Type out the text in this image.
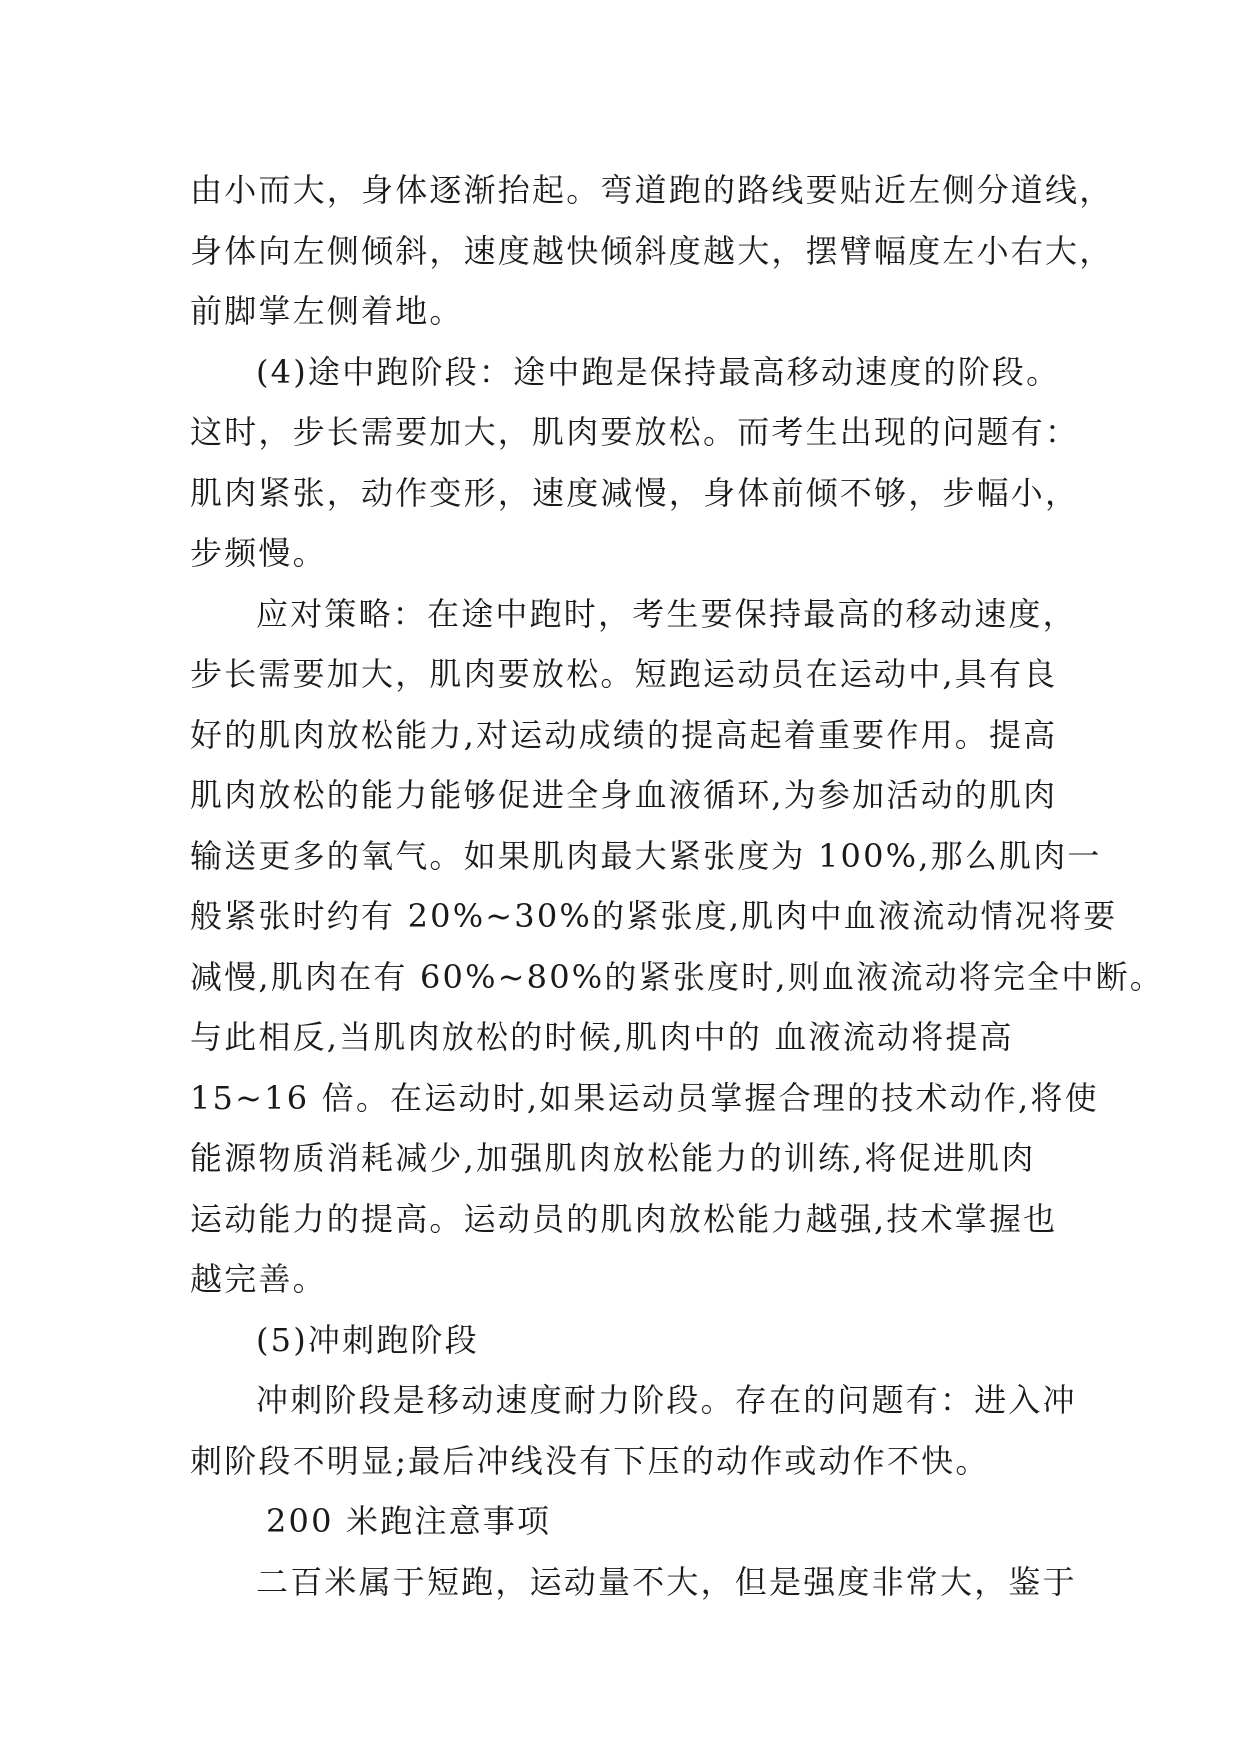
由小而大，身体逐渐抬起。弯道跑的路线要贴近左侧分道线，
身体向左侧倾斜，速度越快倾斜度越大，摆臂幅度左小右大，
前脚掌左侧着地。
(4)途中跑阶段：途中跑是保持最高移动速度的阶段。
这时，步长需要加大，肌肉要放松。而考生出现的问题有：
肌肉紧张，动作变形，速度减慢，身体前倾不够，步幅小，
步频慢。
应对策略：在途中跑时，考生要保持最高的移动速度，
步长需要加大，肌肉要放松。短跑运动员在运动中,具有良
好的肌肉放松能力,对运动成绩的提高起着重要作用。提高
肌肉放松的能力能够促进全身血液循环,为参加活动的肌肉
输送更多的氧气。如果肌肉最大紧张度为 100%,那么肌肉一
般紧张时约有 20%~30%的紧张度,肌肉中血液流动情况将要
减慢,肌肉在有 60%~80%的紧张度时,则血液流动将完全中断。
与此相反,当肌肉放松的时候,肌肉中的 血液流动将提高
15~16 倍。在运动时,如果运动员掌握合理的技术动作,将使
能源物质消耗减少,加强肌肉放松能力的训练,将促进肌肉
运动能力的提高。运动员的肌肉放松能力越强,技术掌握也
越完善。
(5)冲刺跑阶段
冲刺阶段是移动速度耐力阶段。存在的问题有：进入冲
刺阶段不明显;最后冲线没有下压的动作或动作不快。
200 米跑注意事项
二百米属于短跑，运动量不大，但是强度非常大，鉴于
